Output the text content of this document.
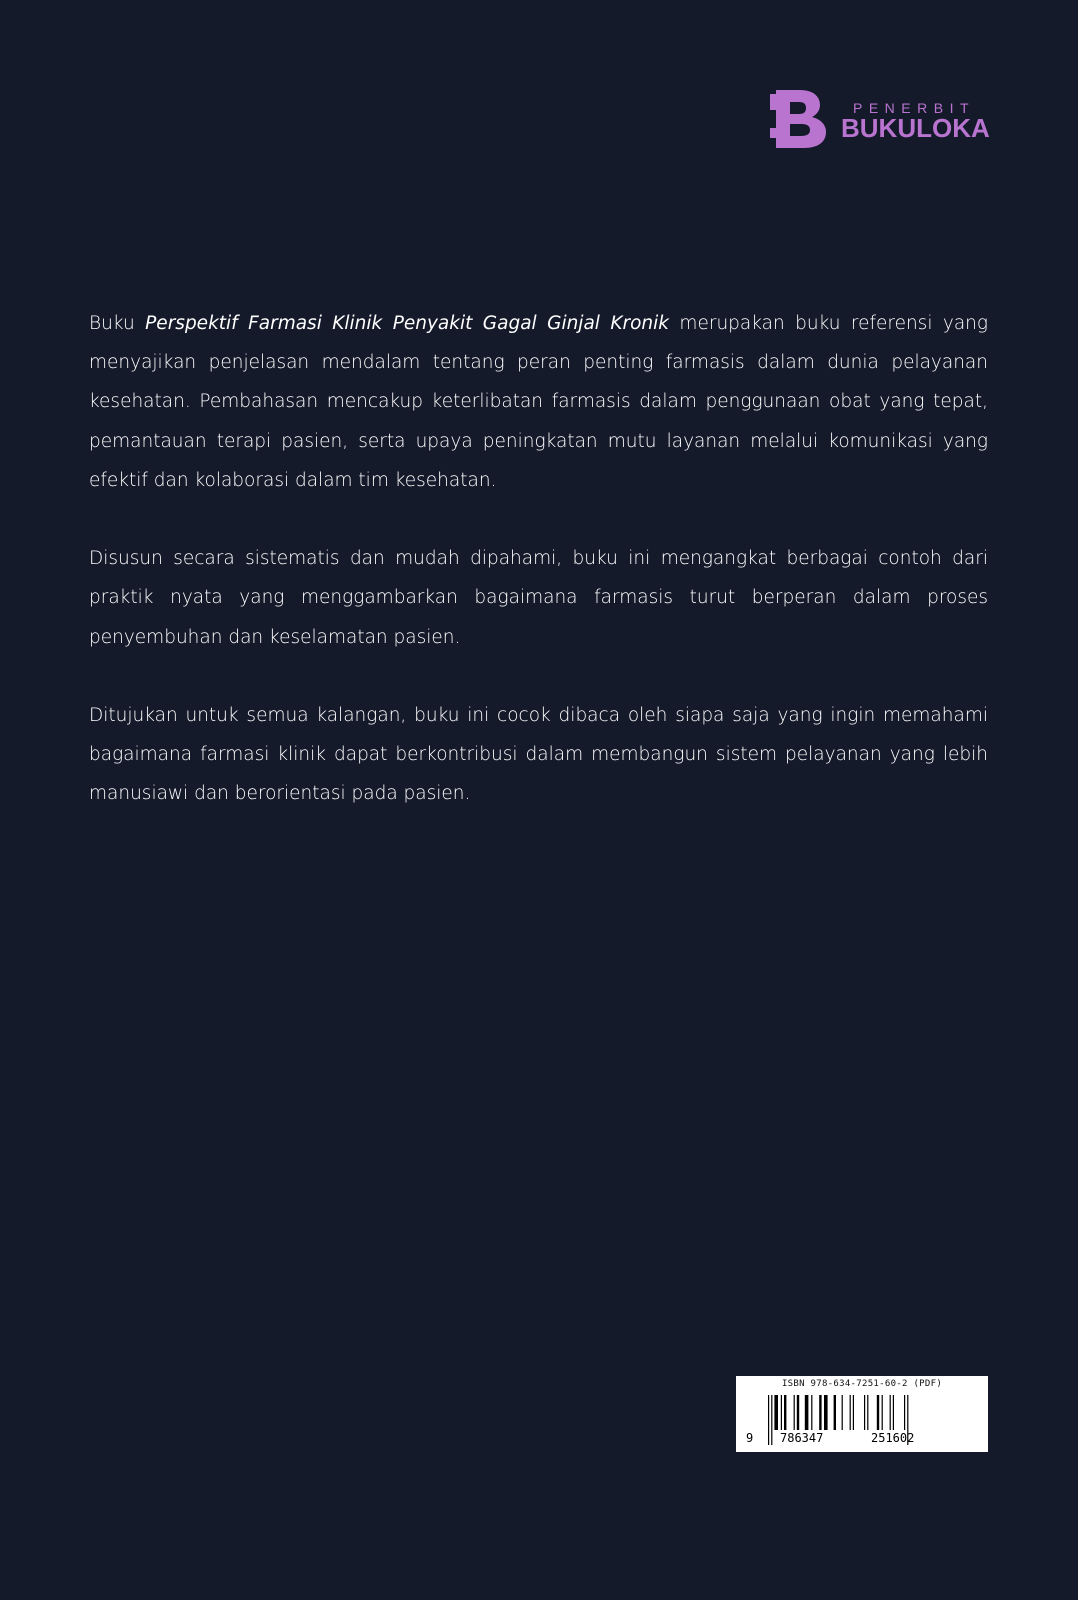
PENERBIT
BUKULOKA

Buku Perspektif Farmasi Klinik Penyakit Gagal Ginjal Kronik merupakan buku referensi yang menyajikan penjelasan mendalam tentang peran penting farmasis dalam dunia pelayanan kesehatan. Pembahasan mencakup keterlibatan farmasis dalam penggunaan obat yang tepat, pemantauan terapi pasien, serta upaya peningkatan mutu layanan melalui komunikasi yang efektif dan kolaborasi dalam tim kesehatan.

Disusun secara sistematis dan mudah dipahami, buku ini mengangkat berbagai contoh dari praktik nyata yang menggambarkan bagaimana farmasis turut berperan dalam proses penyembuhan dan keselamatan pasien.

Ditujukan untuk semua kalangan, buku ini cocok dibaca oleh siapa saja yang ingin memahami bagaimana farmasi klinik dapat berkontribusi dalam membangun sistem pelayanan yang lebih manusiawi dan berorientasi pada pasien.

ISBN 978-634-7251-60-2 (PDF)
9 786347	251602
